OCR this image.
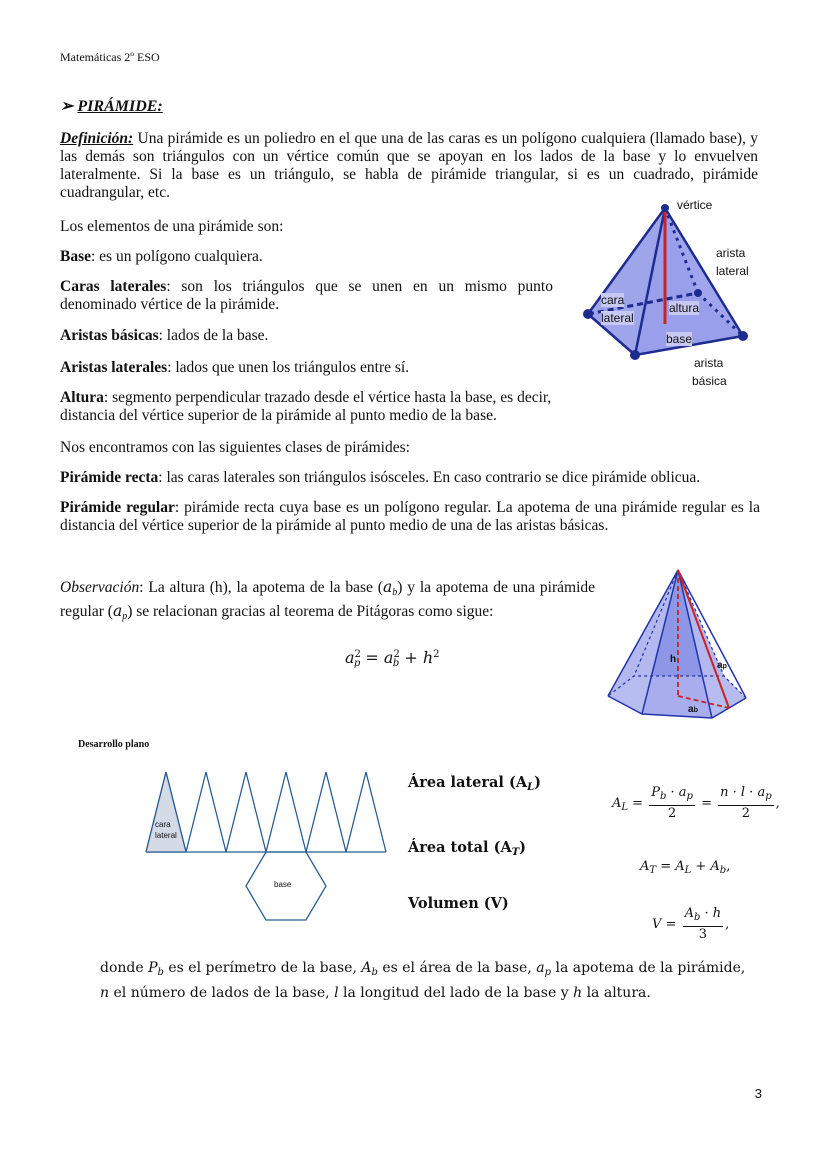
Matemáticas 2º ESO
➢ PIRÁMIDE:
Definición: Una pirámide es un poliedro en el que una de las caras es un polígono cualquiera (llamado base), y las demás son triángulos con un vértice común que se apoyan en los lados de la base y lo envuelven lateralmente. Si la base es un triángulo, se habla de pirámide triangular, si es un cuadrado, pirámide cuadrangular, etc.
Los elementos de una pirámide son:
Base: es un polígono cualquiera.
Caras laterales: son los triángulos que se unen en un mismo punto denominado vértice de la pirámide.
Aristas básicas: lados de la base.
Aristas laterales: lados que unen los triángulos entre sí.
Altura: segmento perpendicular trazado desde el vértice hasta la base, es decir, distancia del vértice superior de la pirámide al punto medio de la base.
Nos encontramos con las siguientes clases de pirámides:
Pirámide recta: las caras laterales son triángulos isósceles. En caso contrario se dice pirámide oblicua.
Pirámide regular: pirámide recta cuya base es un polígono regular. La apotema de una pirámide regular es la distancia del vértice superior de la pirámide al punto medio de una de las aristas básicas.
vértice
arista
lateral
cara
lateral
altura
base
arista
básica
Observación: La altura (h), la apotema de la base $(a_b)$ y la apotema de una pirámide regular $(a_p)$ se relacionan gracias al teorema de Pitágoras como sigue:
$a^2_p = a^2_b + h^2$	h
ap
ab
Desarrollo plano
cara
lateral
base
Área lateral $(A_L)$
Área total $(A_T)$
Volumen (V)
$A_L = \frac{P_b \cdot a_p}{2} = \frac{n \cdot l \cdot a_p}{2}$ ,
$A_T = A_L + A_b$,
$V = \frac{A_b \cdot h}{3}$ ,
donde $P_b$ es el perímetro de la base, $A_b$ es el área de la base, $a_p$ la apotema de la pirámide,
n el número de lados de la base, l la longitud del lado de la base y h la altura.
3
